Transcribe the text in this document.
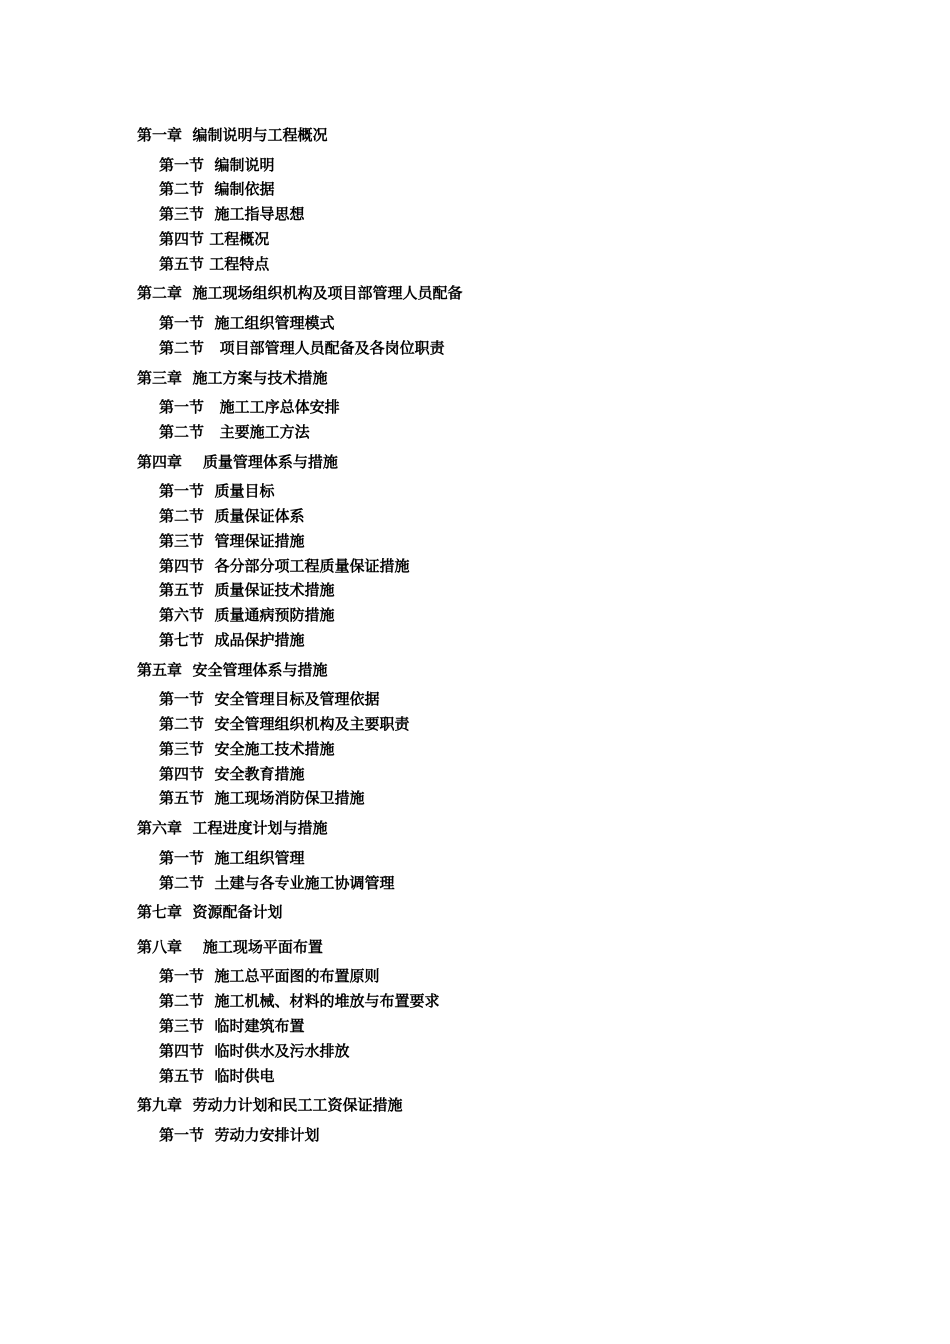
第一章  编制说明与工程概况
第一节  编制说明
第二节  编制依据
第三节  施工指导思想
第四节 工程概况
第五节 工程特点
第二章  施工现场组织机构及项目部管理人员配备
第一节  施工组织管理模式
第二节   项目部管理人员配备及各岗位职责
第三章  施工方案与技术措施
第一节   施工工序总体安排
第二节   主要施工方法
第四章    质量管理体系与措施
第一节  质量目标
第二节  质量保证体系
第三节  管理保证措施
第四节  各分部分项工程质量保证措施
第五节  质量保证技术措施
第六节  质量通病预防措施
第七节  成品保护措施
第五章  安全管理体系与措施
第一节  安全管理目标及管理依据
第二节  安全管理组织机构及主要职责
第三节  安全施工技术措施
第四节  安全教育措施
第五节  施工现场消防保卫措施
第六章  工程进度计划与措施
第一节  施工组织管理
第二节  土建与各专业施工协调管理
第七章  资源配备计划
第八章    施工现场平面布置
第一节  施工总平面图的布置原则
第二节  施工机械、材料的堆放与布置要求
第三节  临时建筑布置
第四节  临时供水及污水排放
第五节  临时供电
第九章  劳动力计划和民工工资保证措施
第一节  劳动力安排计划
